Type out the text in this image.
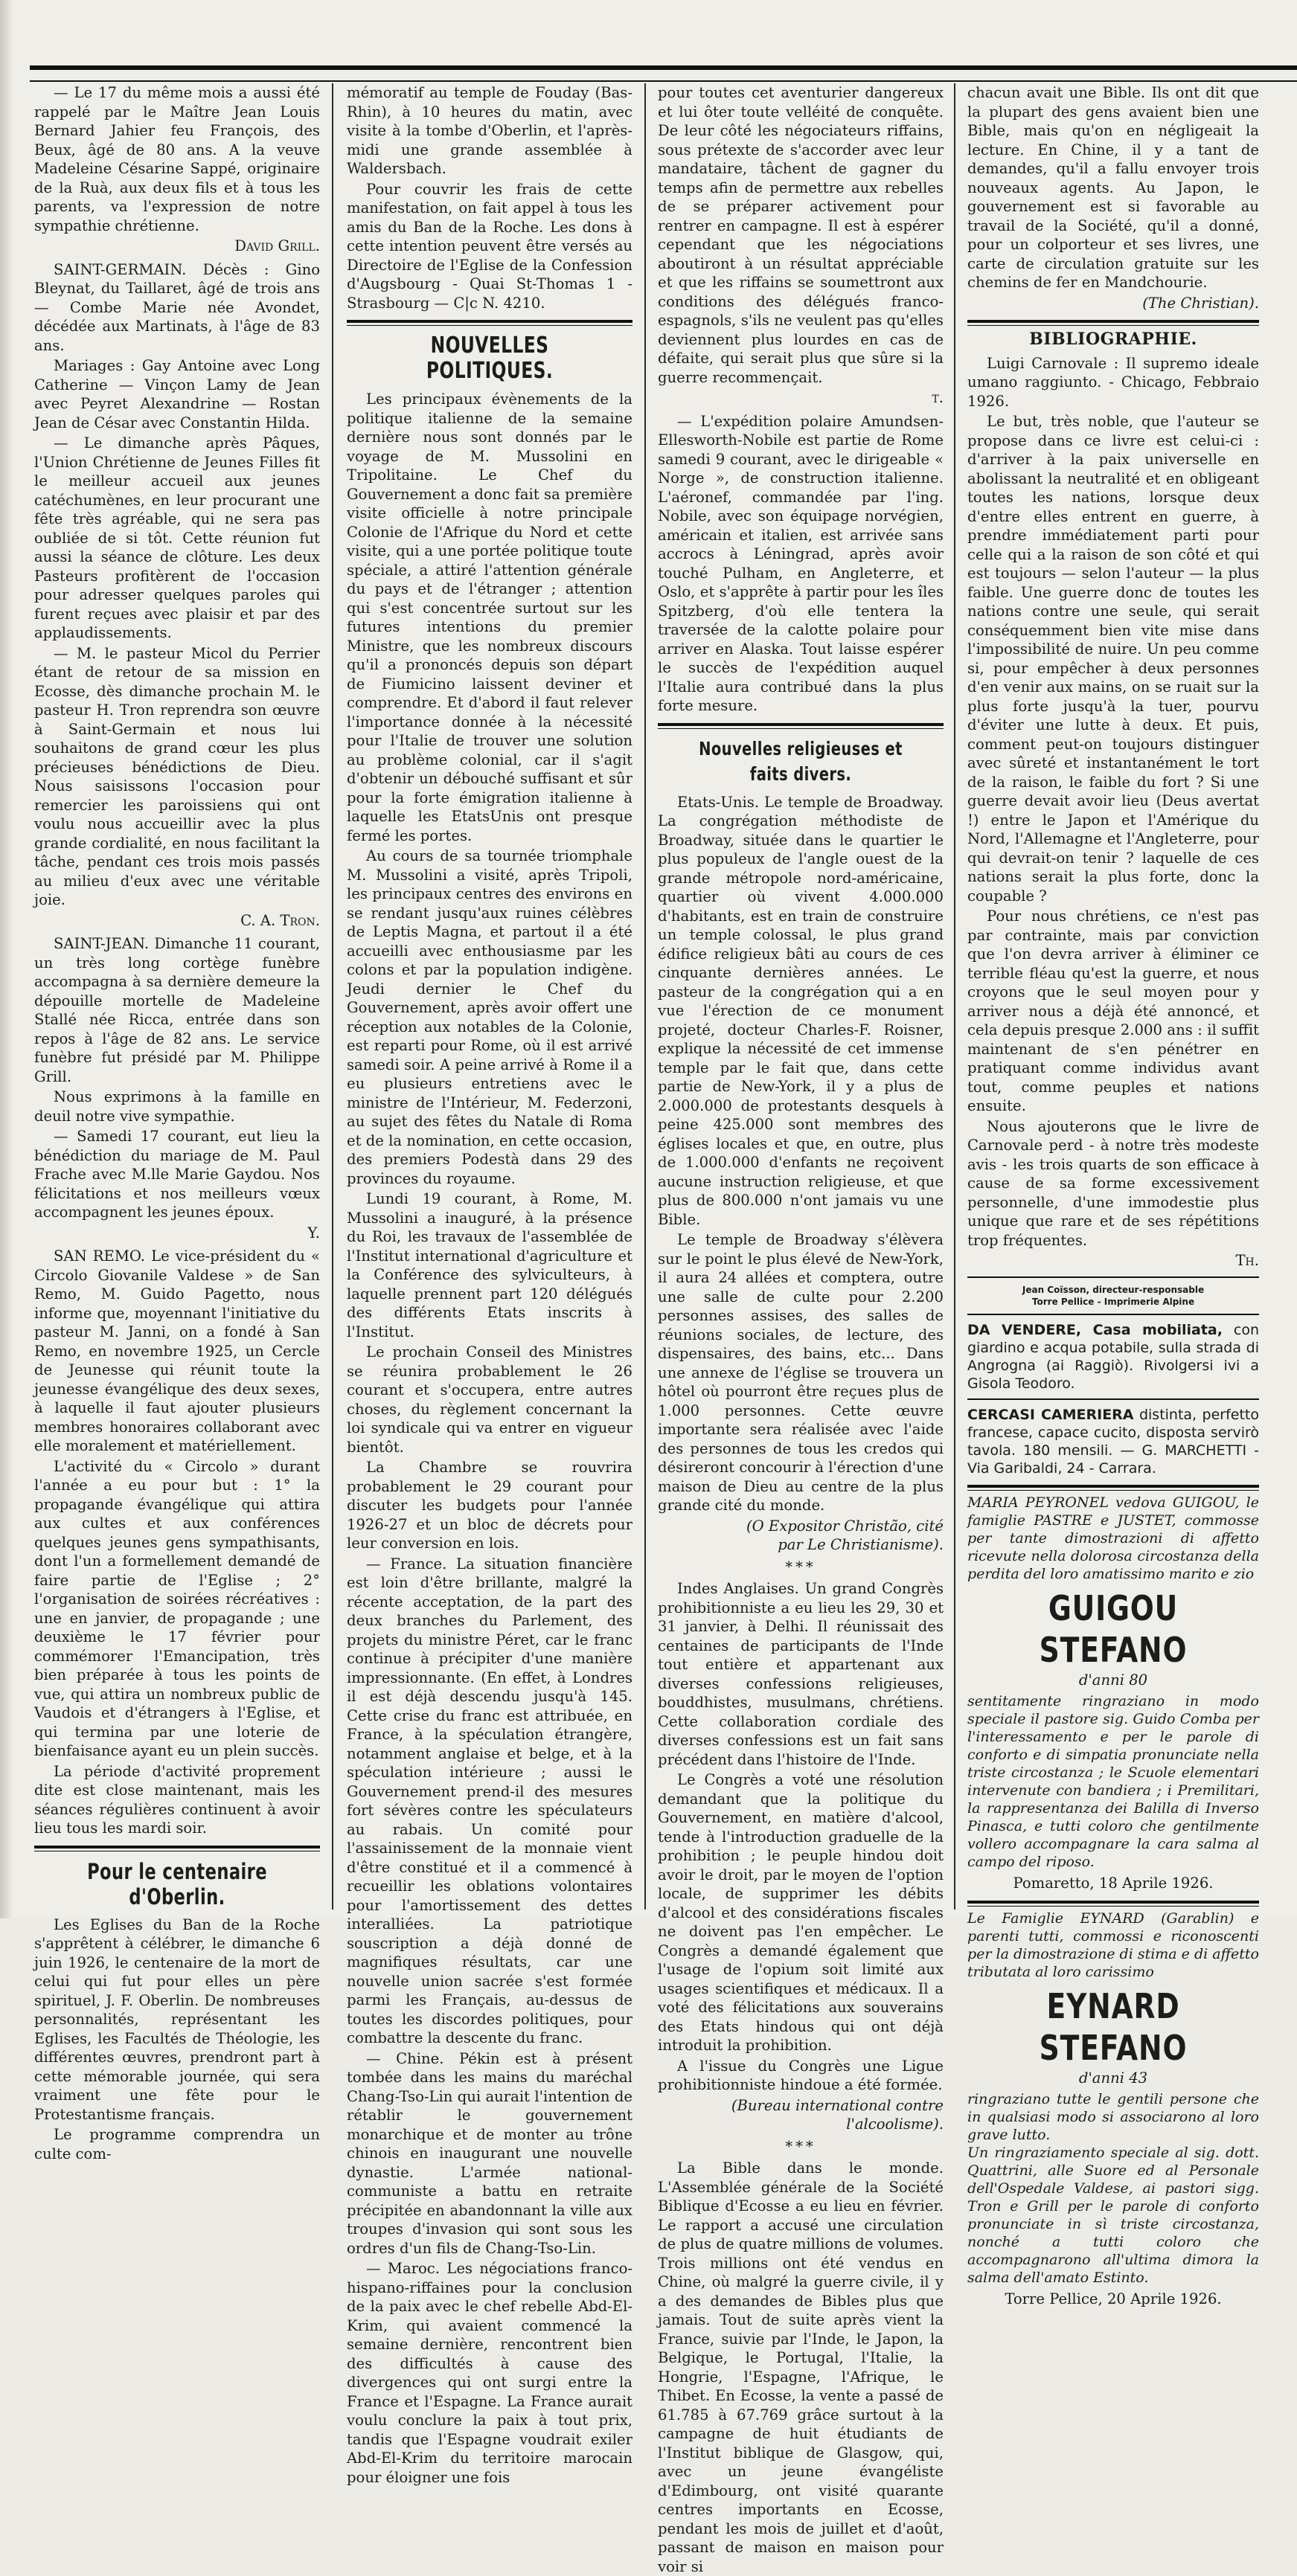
— Le 17 du même mois a aussi été rappelé par le Maître Jean Louis Bernard Jahier feu François, des Beux, âgé de 80 ans. A la veuve Madeleine Césarine Sappé, originaire de la Ruà, aux deux fils et à tous les parents, va l'expression de notre sympathie chrétienne.

David Grill.

SAINT-GERMAIN. Décès : Gino Bleynat, du Taillaret, âgé de trois ans — Combe Marie née Avondet, décédée aux Martinats, à l'âge de 83 ans.

Mariages : Gay Antoine avec Long Catherine — Vinçon Lamy de Jean avec Peyret Alexandrine — Rostan Jean de César avec Constantin Hilda.

— Le dimanche après Pâques, l'Union Chrétienne de Jeunes Filles fit le meilleur accueil aux jeunes catéchumènes, en leur procurant une fête très agréable, qui ne sera pas oubliée de si tôt. Cette réunion fut aussi la séance de clôture. Les deux Pasteurs profitèrent de l'occasion pour adresser quelques paroles qui furent reçues avec plaisir et par des applaudissements.

— M. le pasteur Micol du Perrier étant de retour de sa mission en Ecosse, dès dimanche prochain M. le pasteur H. Tron reprendra son œuvre à Saint-Germain et nous lui souhaitons de grand cœur les plus précieuses bénédictions de Dieu. Nous saisissons l'occasion pour remercier les paroissiens qui ont voulu nous accueillir avec la plus grande cordialité, en nous facilitant la tâche, pendant ces trois mois passés au milieu d'eux avec une véritable joie.

C. A. Tron.

SAINT-JEAN. Dimanche 11 courant, un très long cortège funèbre accompagna à sa dernière demeure la dépouille mortelle de Madeleine Stallé née Ricca, entrée dans son repos à l'âge de 82 ans. Le service funèbre fut présidé par M. Philippe Grill.

Nous exprimons à la famille en deuil notre vive sympathie.

— Samedi 17 courant, eut lieu la bénédiction du mariage de M. Paul Frache avec M.lle Marie Gaydou. Nos félicitations et nos meilleurs vœux accompagnent les jeunes époux.

Y.

SAN REMO. Le vice-président du « Circolo Giovanile Valdese » de San Remo, M. Guido Pagetto, nous informe que, moyennant l'initiative du pasteur M. Janni, on a fondé à San Remo, en novembre 1925, un Cercle de Jeunesse qui réunit toute la jeunesse évangélique des deux sexes, à laquelle il faut ajouter plusieurs membres honoraires collaborant avec elle moralement et matériellement.

L'activité du « Circolo » durant l'année a eu pour but : 1° la propagande évangélique qui attira aux cultes et aux conférences quelques jeunes gens sympathisants, dont l'un a formellement demandé de faire partie de l'Eglise ; 2° l'organisation de soirées récréatives : une en janvier, de propagande ; une deuxième le 17 février pour commémorer l'Emancipation, très bien préparée à tous les points de vue, qui attira un nombreux public de Vaudois et d'étrangers à l'Eglise, et qui termina par une loterie de bienfaisance ayant eu un plein succès.

La période d'activité proprement dite est close maintenant, mais les séances régulières continuent à avoir lieu tous les mardi soir.

Pour le centenaire d'Oberlin.

Les Eglises du Ban de la Roche s'apprêtent à célébrer, le dimanche 6 juin 1926, le centenaire de la mort de celui qui fut pour elles un père spirituel, J. F. Oberlin. De nombreuses personnalités, représentant les Eglises, les Facultés de Théologie, les différentes œuvres, prendront part à cette mémorable journée, qui sera vraiment une fête pour le Protestantisme français.

Le programme comprendra un culte com-

mémoratif au temple de Fouday (Bas-Rhin), à 10 heures du matin, avec visite à la tombe d'Oberlin, et l'après-midi une grande assemblée à Waldersbach.

Pour couvrir les frais de cette manifestation, on fait appel à tous les amis du Ban de la Roche. Les dons à cette intention peuvent être versés au Directoire de l'Eglise de la Confession d'Augsbourg - Quai St-Thomas 1 - Strasbourg — C|c N. 4210.

NOUVELLES POLITIQUES.

Les principaux évènements de la politique italienne de la semaine dernière nous sont donnés par le voyage de M. Mussolini en Tripolitaine. Le Chef du Gouvernement a donc fait sa première visite officielle à notre principale Colonie de l'Afrique du Nord et cette visite, qui a une portée politique toute spéciale, a attiré l'attention générale du pays et de l'étranger ; attention qui s'est concentrée surtout sur les futures intentions du premier Ministre, que les nombreux discours qu'il a prononcés depuis son départ de Fiumicino laissent deviner et comprendre. Et d'abord il faut relever l'importance donnée à la nécessité pour l'Italie de trouver une solution au problème colonial, car il s'agit d'obtenir un débouché suffisant et sûr pour la forte émigration italienne à laquelle les EtatsUnis ont presque fermé les portes.

Au cours de sa tournée triomphale M. Mussolini a visité, après Tripoli, les principaux centres des environs en se rendant jusqu'aux ruines célèbres de Leptis Magna, et partout il a été accueilli avec enthousiasme par les colons et par la population indigène. Jeudi dernier le Chef du Gouvernement, après avoir offert une réception aux notables de la Colonie, est reparti pour Rome, où il est arrivé samedi soir. A peine arrivé à Rome il a eu plusieurs entretiens avec le ministre de l'Intérieur, M. Federzoni, au sujet des fêtes du Natale di Roma et de la nomination, en cette occasion, des premiers Podestà dans 29 des provinces du royaume.

Lundi 19 courant, à Rome, M. Mussolini a inauguré, à la présence du Roi, les travaux de l'assemblée de l'Institut international d'agriculture et la Conférence des sylviculteurs, à laquelle prennent part 120 délégués des différents Etats inscrits à l'Institut.

Le prochain Conseil des Ministres se réunira probablement le 26 courant et s'occupera, entre autres choses, du règlement concernant la loi syndicale qui va entrer en vigueur bientôt.

La Chambre se rouvrira probablement le 29 courant pour discuter les budgets pour l'année 1926-27 et un bloc de décrets pour leur conversion en lois.

— France. La situation financière est loin d'être brillante, malgré la récente acceptation, de la part des deux branches du Parlement, des projets du ministre Péret, car le franc continue à précipiter d'une manière impressionnante. (En effet, à Londres il est déjà descendu jusqu'à 145. Cette crise du franc est attribuée, en France, à la spéculation étrangère, notamment anglaise et belge, et à la spéculation intérieure ; aussi le Gouvernement prend-il des mesures fort sévères contre les spéculateurs au rabais. Un comité pour l'assainissement de la monnaie vient d'être constitué et il a commencé à recueillir les oblations volontaires pour l'amortissement des dettes interalliées. La patriotique souscription a déjà donné de magnifiques résultats, car une nouvelle union sacrée s'est formée parmi les Français, au-dessus de toutes les discordes politiques, pour combattre la descente du franc.

— Chine. Pékin est à présent tombée dans les mains du maréchal Chang-Tso-Lin qui aurait l'intention de rétablir le gouvernement monarchique et de monter au trône chinois en inaugurant une nouvelle dynastie. L'armée national-communiste a battu en retraite précipitée en abandonnant la ville aux troupes d'invasion qui sont sous les ordres d'un fils de Chang-Tso-Lin.

— Maroc. Les négociations franco-hispano-riffaines pour la conclusion de la paix avec le chef rebelle Abd-El-Krim, qui avaient commencé la semaine dernière, rencontrent bien des difficultés à cause des divergences qui ont surgi entre la France et l'Espagne. La France aurait voulu conclure la paix à tout prix, tandis que l'Espagne voudrait exiler Abd-El-Krim du territoire marocain pour éloigner une fois

pour toutes cet aventurier dangereux et lui ôter toute velléité de conquête. De leur côté les négociateurs riffains, sous prétexte de s'accorder avec leur mandataire, tâchent de gagner du temps afin de permettre aux rebelles de se préparer activement pour rentrer en campagne. Il est à espérer cependant que les négociations aboutiront à un résultat appréciable et que les riffains se soumettront aux conditions des délégués franco-espagnols, s'ils ne veulent pas qu'elles deviennent plus lourdes en cas de défaite, qui serait plus que sûre si la guerre recommençait.

t.

— L'expédition polaire Amundsen-Ellesworth-Nobile est partie de Rome samedi 9 courant, avec le dirigeable « Norge », de construction italienne. L'aéronef, commandée par l'ing. Nobile, avec son équipage norvégien, américain et italien, est arrivée sans accrocs à Léningrad, après avoir touché Pulham, en Angleterre, et Oslo, et s'apprête à partir pour les îles Spitzberg, d'où elle tentera la traversée de la calotte polaire pour arriver en Alaska. Tout laisse espérer le succès de l'expédition auquel l'Italie aura contribué dans la plus forte mesure.

Nouvelles religieuses et faits divers.

Etats-Unis. Le temple de Broadway. La congrégation méthodiste de Broadway, située dans le quartier le plus populeux de l'angle ouest de la grande métropole nord-américaine, quartier où vivent 4.000.000 d'habitants, est en train de construire un temple colossal, le plus grand édifice religieux bâti au cours de ces cinquante dernières années. Le pasteur de la congrégation qui a en vue l'érection de ce monument projeté, docteur Charles-F. Roisner, explique la nécessité de cet immense temple par le fait que, dans cette partie de New-York, il y a plus de 2.000.000 de protestants desquels à peine 425.000 sont membres des églises locales et que, en outre, plus de 1.000.000 d'enfants ne reçoivent aucune instruction religieuse, et que plus de 800.000 n'ont jamais vu une Bible.

Le temple de Broadway s'élèvera sur le point le plus élevé de New-York, il aura 24 allées et comptera, outre une salle de culte pour 2.200 personnes assises, des salles de réunions sociales, de lecture, des dispensaires, des bains, etc... Dans une annexe de l'église se trouvera un hôtel où pourront être reçues plus de 1.000 personnes. Cette œuvre importante sera réalisée avec l'aide des personnes de tous les credos qui désireront concourir à l'érection d'une maison de Dieu au centre de la plus grande cité du monde.

(O Expositor Christão, cité
par Le Christianisme).
***

Indes Anglaises. Un grand Congrès prohibitionniste a eu lieu les 29, 30 et 31 janvier, à Delhi. Il réunissait des centaines de participants de l'Inde tout entière et appartenant aux diverses confessions religieuses, bouddhistes, musulmans, chrétiens. Cette collaboration cordiale des diverses confessions est un fait sans précédent dans l'histoire de l'Inde.

Le Congrès a voté une résolution demandant que la politique du Gouvernement, en matière d'alcool, tende à l'introduction graduelle de la prohibition ; le peuple hindou doit avoir le droit, par le moyen de l'option locale, de supprimer les débits d'alcool et des considérations fiscales ne doivent pas l'en empêcher. Le Congrès a demandé également que l'usage de l'opium soit limité aux usages scientifiques et médicaux. Il a voté des félicitations aux souverains des Etats hindous qui ont déjà introduit la prohibition.

A l'issue du Congrès une Ligue prohibitionniste hindoue a été formée.

(Bureau international contre l'alcoolisme).
***

La Bible dans le monde. L'Assemblée générale de la Société Biblique d'Ecosse a eu lieu en février. Le rapport a accusé une circulation de plus de quatre millions de volumes. Trois millions ont été vendus en Chine, où malgré la guerre civile, il y a des demandes de Bibles plus que jamais. Tout de suite après vient la France, suivie par l'Inde, le Japon, la Belgique, le Portugal, l'Italie, la Hongrie, l'Espagne, l'Afrique, le Thibet. En Ecosse, la vente a passé de 61.785 à 67.769 grâce surtout à la campagne de huit étudiants de l'Institut biblique de Glasgow, qui, avec un jeune évangéliste d'Edimbourg, ont visité quarante centres importants en Ecosse, pendant les mois de juillet et d'août, passant de maison en maison pour voir si

chacun avait une Bible. Ils ont dit que la plupart des gens avaient bien une Bible, mais qu'on en négligeait la lecture. En Chine, il y a tant de demandes, qu'il a fallu envoyer trois nouveaux agents. Au Japon, le gouvernement est si favorable au travail de la Société, qu'il a donné, pour un colporteur et ses livres, une carte de circulation gratuite sur les chemins de fer en Mandchourie.

(The Christian).
BIBLIOGRAPHIE.

Luigi Carnovale : Il supremo ideale umano raggiunto. - Chicago, Febbraio 1926.

Le but, très noble, que l'auteur se propose dans ce livre est celui-ci : d'arriver à la paix universelle en abolissant la neutralité et en obligeant toutes les nations, lorsque deux d'entre elles entrent en guerre, à prendre immédiatement parti pour celle qui a la raison de son côté et qui est toujours — selon l'auteur — la plus faible. Une guerre donc de toutes les nations contre une seule, qui serait conséquemment bien vite mise dans l'impossibilité de nuire. Un peu comme si, pour empêcher à deux personnes d'en venir aux mains, on se ruait sur la plus forte jusqu'à la tuer, pourvu d'éviter une lutte à deux. Et puis, comment peut-on toujours distinguer avec sûreté et instantanément le tort de la raison, le faible du fort ? Si une guerre devait avoir lieu (Deus avertat !) entre le Japon et l'Amérique du Nord, l'Allemagne et l'Angleterre, pour qui devrait-on tenir ? laquelle de ces nations serait la plus forte, donc la coupable ?

Pour nous chrétiens, ce n'est pas par contrainte, mais par conviction que l'on devra arriver à éliminer ce terrible fléau qu'est la guerre, et nous croyons que le seul moyen pour y arriver nous a déjà été annoncé, et cela depuis presque 2.000 ans : il suffit maintenant de s'en pénétrer en pratiquant comme individus avant tout, comme peuples et nations ensuite.

Nous ajouterons que le livre de Carnovale perd - à notre très modeste avis - les trois quarts de son efficace à cause de sa forme excessivement personnelle, d'une immodestie plus unique que rare et de ses répétitions trop fréquentes.

Th.
Jean Coïsson, directeur-responsable
Torre Pellice - Imprimerie Alpine
DA VENDERE, Casa mobiliata, con giardino e acqua potabile, sulla strada di Angrogna (ai Raggiò). Rivolgersi ivi a Gisola Teodoro.
CERCASI CAMERIERA distinta, perfetto francese, capace cucito, disposta servirò tavola. 180 mensili. — G. MARCHETTI - Via Garibaldi, 24 - Carrara.
MARIA PEYRONEL vedova GUIGOU, le famiglie PASTRE e JUSTET, commosse per tante dimostrazioni di affetto ricevute nella dolorosa circostanza della perdita del loro amatissimo marito e zio
GUIGOU STEFANO
d'anni 80
sentitamente ringraziano in modo speciale il pastore sig. Guido Comba per l'interessamento e per le parole di conforto e di simpatia pronunciate nella triste circostanza ; le Scuole elementari intervenute con bandiera ; i Premilitari, la rappresentanza dei Balilla di Inverso Pinasca, e tutti coloro che gentilmente vollero accompagnare la cara salma al campo del riposo.
Pomaretto, 18 Aprile 1926.
Le Famiglie EYNARD (Garablin) e parenti tutti, commossi e riconoscenti per la dimostrazione di stima e di affetto tributata al loro carissimo
EYNARD STEFANO
d'anni 43
ringraziano tutte le gentili persone che in qualsiasi modo si associarono al loro grave lutto.
Un ringraziamento speciale al sig. dott. Quattrini, alle Suore ed al Personale dell'Ospedale Valdese, ai pastori sigg. Tron e Grill per le parole di conforto pronunciate in sì triste circostanza, nonché a tutti coloro che accompagnarono all'ultima dimora la salma dell'amato Estinto.
Torre Pellice, 20 Aprile 1926.
